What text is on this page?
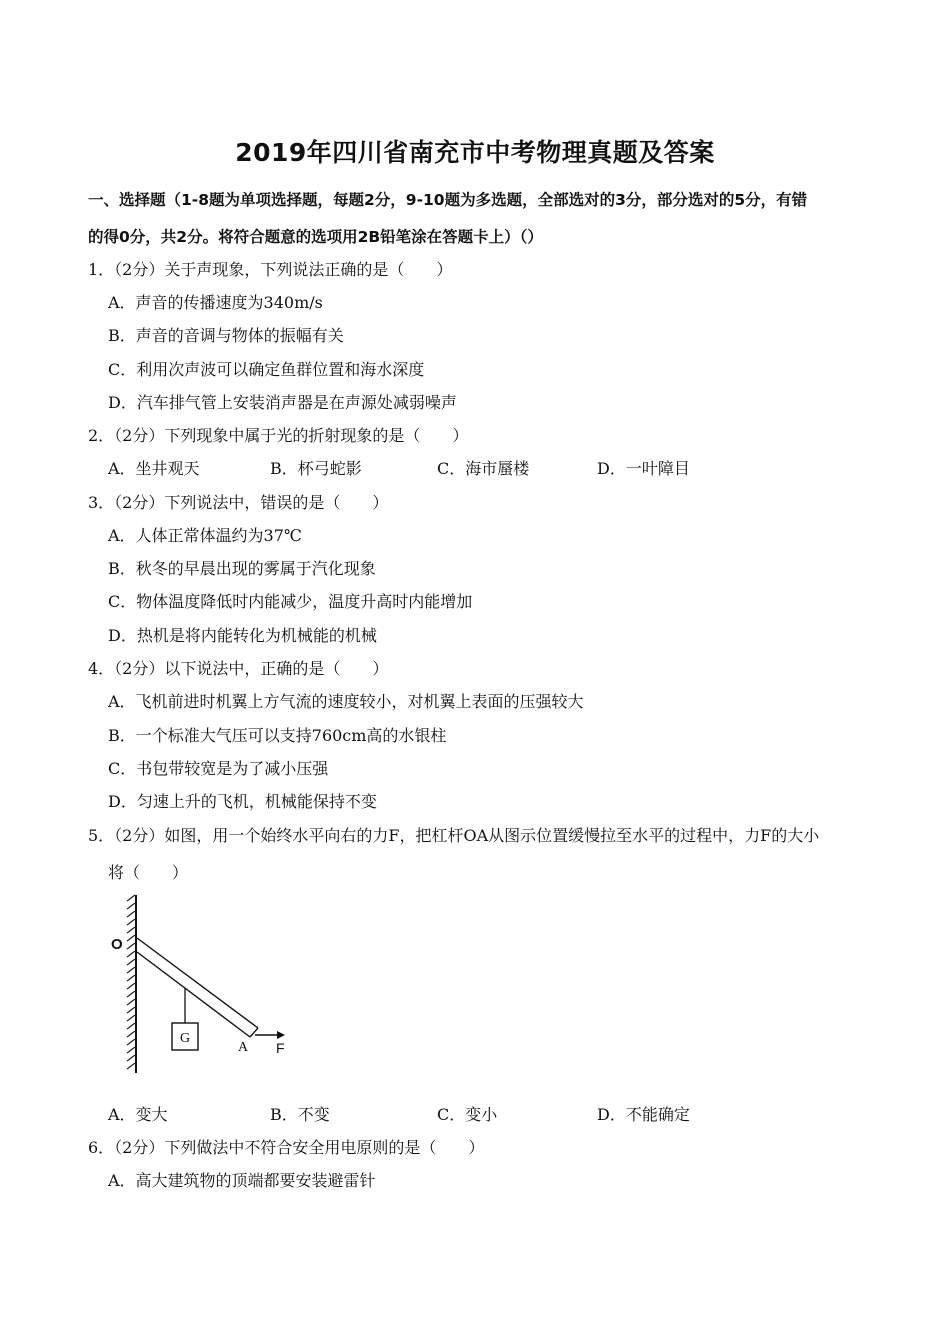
2019年四川省南充市中考物理真题及答案
一、选择题（1-8题为单项选择题，每题2分，9-10题为多选题，全部选对的3分，部分选对的5分，有错
的得0分，共2分。将符合题意的选项用2B铅笔涂在答题卡上）（）
1．（2分）关于声现象，下列说法正确的是（　　）
A．声音的传播速度为340m/s
B．声音的音调与物体的振幅有关
C．利用次声波可以确定鱼群位置和海水深度
D．汽车排气管上安装消声器是在声源处减弱噪声
2．（2分）下列现象中属于光的折射现象的是（　　）
A．坐井观天	B．杯弓蛇影	C．海市蜃楼	D．一叶障目
3．（2分）下列说法中，错误的是（　　）
A．人体正常体温约为37℃
B．秋冬的早晨出现的雾属于汽化现象
C．物体温度降低时内能减少，温度升高时内能增加
D．热机是将内能转化为机械能的机械
4．（2分）以下说法中，正确的是（　　）
A．飞机前进时机翼上方气流的速度较小，对机翼上表面的压强较大
B．一个标准大气压可以支持760cm高的水银柱
C．书包带较宽是为了减小压强
D．匀速上升的飞机，机械能保持不变
5．（2分）如图，用一个始终水平向右的力F，把杠杆OA从图示位置缓慢拉至水平的过程中，力F的大小
将（　　）
G
O
A F
A．变大	B．不变	C．变小	D．不能确定
6．（2分）下列做法中不符合安全用电原则的是（　　）
A．高大建筑物的顶端都要安装避雷针
